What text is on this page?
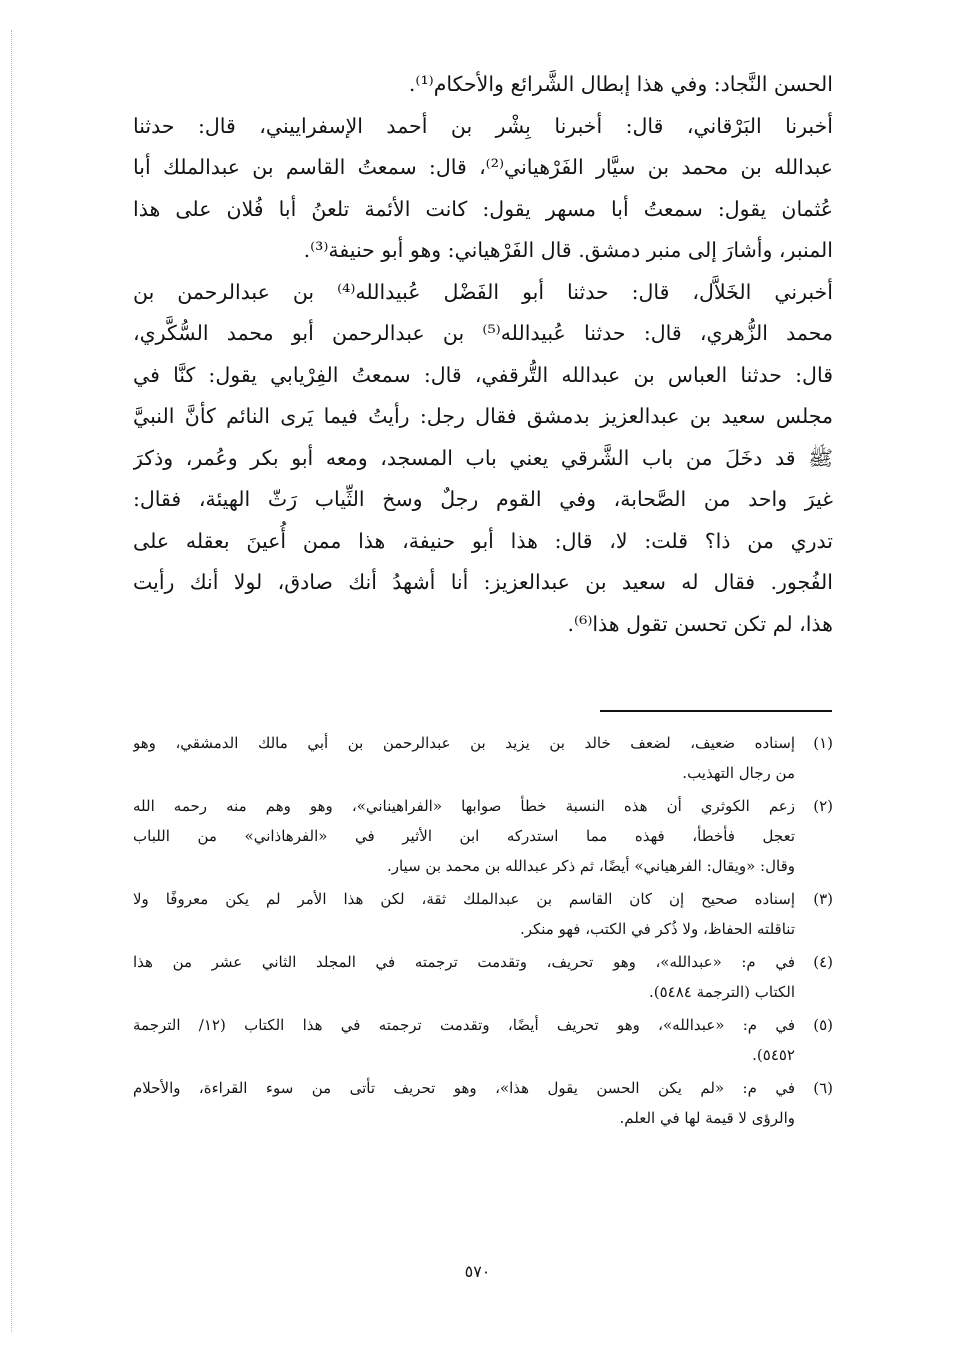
الحسن النَّجاد: وفي هذا إبطال الشَّرائع والأحكام⁽¹⁾.
أخبرنا البَرْقاني، قال: أخبرنا بِشْر بن أحمد الإسفراييني، قال: حدثنا
عبدالله بن محمد بن سيَّار الفَرْهياني⁽²⁾، قال: سمعتُ القاسم بن عبدالملك أبا
عُثمان يقول: سمعتُ أبا مسهر يقول: كانت الأئمة تلعنُ أبا فُلان على هذا
المنبر، وأشارَ إلى منبر دمشق. قال الفَرْهياني: وهو أبو حنيفة⁽³⁾.
أخبرني الخَلاَّل، قال: حدثنا أبو الفَضْل عُبيدالله⁽⁴⁾ بن عبدالرحمن بن
محمد الزُّهري، قال: حدثنا عُبيدالله⁽⁵⁾ بن عبدالرحمن أبو محمد السُّكَّري،
قال: حدثنا العباس بن عبدالله التُّرقفي، قال: سمعتُ الفِرْيابي يقول: كنَّا في
مجلس سعيد بن عبدالعزيز بدمشق فقال رجل: رأيتُ فيما يَرى النائم كأنَّ النبيَّ
ﷺ قد دخَلَ من باب الشَّرقي يعني باب المسجد، ومعه أبو بكر وعُمر، وذكرَ
غيرَ واحد من الصَّحابة، وفي القوم رجلٌ وسخ الثِّياب رَثّ الهيئة، فقال:
تدري من ذا؟ قلت: لا، قال: هذا أبو حنيفة، هذا ممن أُعينَ بعقله على
الفُجور. فقال له سعيد بن عبدالعزيز: أنا أشهدُ أنك صادق، لولا أنك رأيت
هذا، لم تكن تحسن تقول هذا⁽⁶⁾.
(١)
إسناده ضعيف، لضعف خالد بن يزيد بن عبدالرحمن بن أبي مالك الدمشقي، وهو
من رجال التهذيب.
(٢)
زعم الكوثري أن هذه النسبة خطأ صوابها «الفراهيناني»، وهو وهم منه رحمه الله
تعجل فأخطأ، فهذه مما استدركه ابن الأثير في «الفرهاذاني» من اللباب
وقال: «ويقال: الفرهياني» أيضًا، ثم ذكر عبدالله بن محمد بن سيار.
(٣)
إسناده صحيح إن كان القاسم بن عبدالملك ثقة، لكن هذا الأمر لم يكن معروفًا ولا
تناقلته الحفاظ، ولا ذُكر في الكتب، فهو منكر.
(٤)
في م: «عبدالله»، وهو تحريف، وتقدمت ترجمته في المجلد الثاني عشر من هذا
الكتاب (الترجمة ٥٤٨٤).
(٥)
في م: «عبدالله»، وهو تحريف أيضًا، وتقدمت ترجمته في هذا الكتاب (١٢/ الترجمة
٥٤٥٢).
(٦)
في م: «لم يكن الحسن يقول هذا»، وهو تحريف تأتى من سوء القراءة، والأحلام
والرؤى لا قيمة لها في العلم.
٥٧٠
